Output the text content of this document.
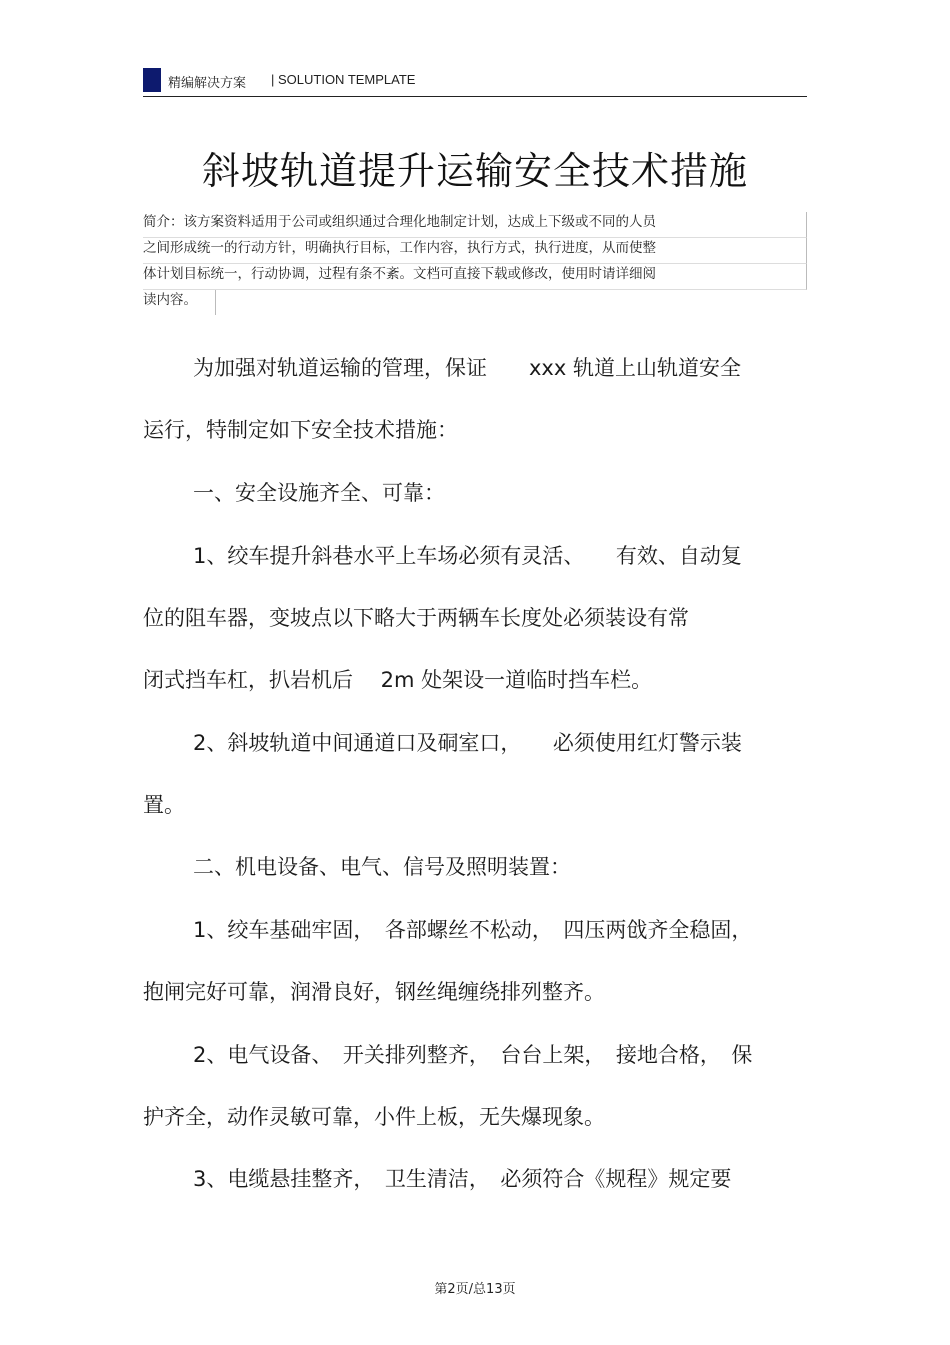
精编解决方案 | SOLUTION TEMPLATE
斜坡轨道提升运输安全技术措施
简介：该方案资料适用于公司或组织通过合理化地制定计划，达成上下级或不同的人员
之间形成统一的行动方针，明确执行目标，工作内容，执行方式，执行进度，从而使整
体计划目标统一，行动协调，过程有条不紊。文档可直接下载或修改，使用时请详细阅
读内容。
为加强对轨道运输的管理，保证　　xxx 轨道上山轨道安全
运行，特制定如下安全技术措施：
一、安全设施齐全、可靠：
1、绞车提升斜巷水平上车场必须有灵活、　　有效、自动复
位的阻车器，变坡点以下略大于两辆车长度处必须装设有常
闭式挡车杠，扒岩机后　 2m 处架设一道临时挡车栏。
2、斜坡轨道中间通道口及硐室口，　　必须使用红灯警示装
置。
二、机电设备、电气、信号及照明装置：
1、绞车基础牢固，　各部螺丝不松动，　四压两戗齐全稳固，
抱闸完好可靠，润滑良好，钢丝绳缠绕排列整齐。
2、电气设备、　开关排列整齐，　台台上架，　接地合格，　保
护齐全，动作灵敏可靠，小件上板，无失爆现象。
3、电缆悬挂整齐，　卫生清洁，　必须符合《规程》规定要
第2页/总13页
